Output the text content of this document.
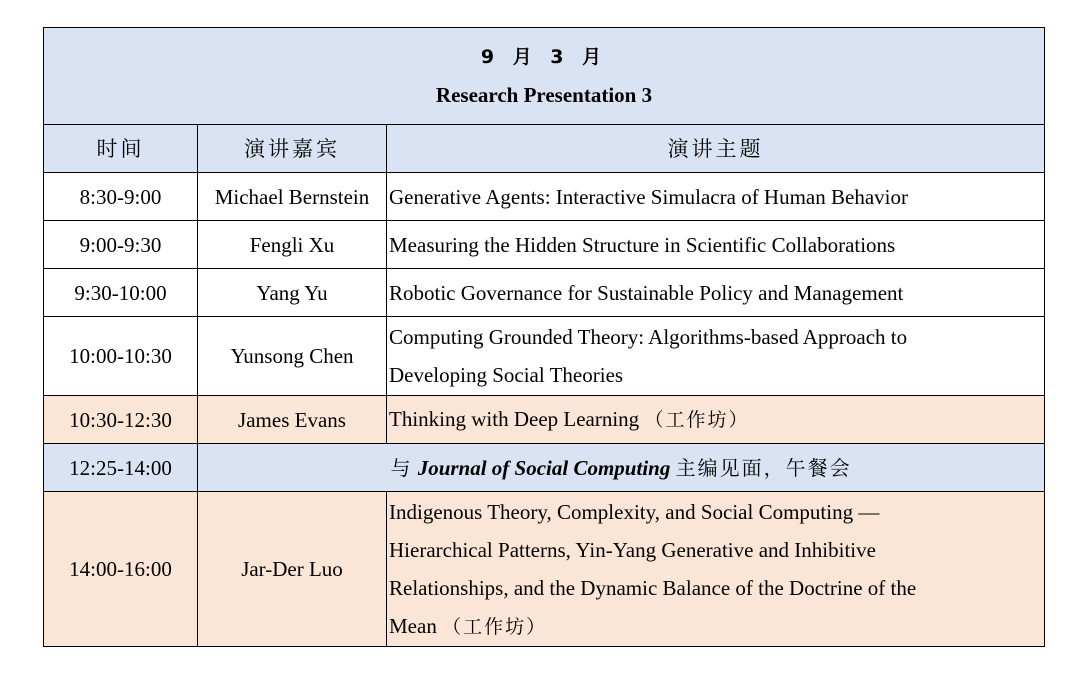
9 月 3 月
Research Presentation 3		

时间	演讲嘉宾	演讲主题
8:30-9:00	Michael Bernstein	Generative Agents: Interactive Simulacra of Human Behavior
9:00-9:30	Fengli Xu	Measuring the Hidden Structure in Scientific Collaborations
9:30-10:00	Yang Yu	Robotic Governance for Sustainable Policy and Management
10:00-10:30	Yunsong Chen	Computing Grounded Theory: Algorithms-based Approach to
Developing Social Theories

10:30-12:30	James Evans	Thinking with Deep Learning （工作坊）
12:25-14:00	与 Journal of Social Computing 主编见面，午餐会	
14:00-16:00	Jar-Der Luo	Indigenous Theory, Complexity, and Social Computing —
Hierarchical Patterns, Yin-Yang Generative and Inhibitive
Relationships, and the Dynamic Balance of the Doctrine of the
Mean （工作坊）
